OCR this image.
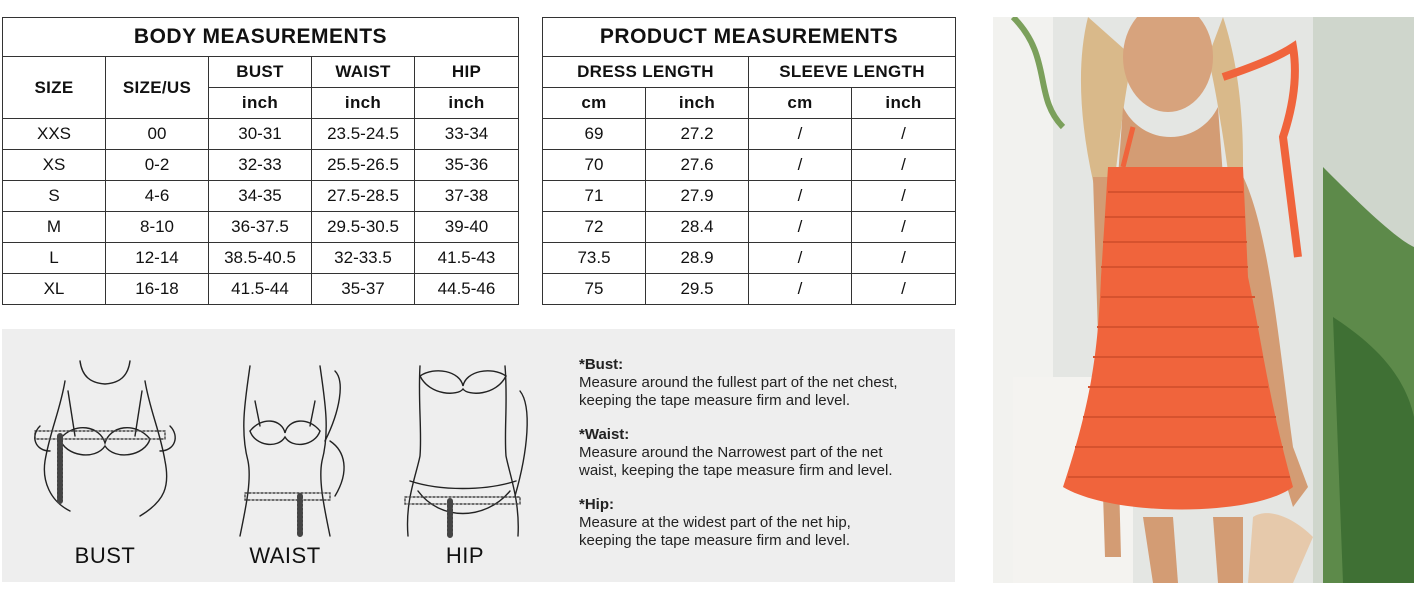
BODY MEASUREMENTS				
SIZE	SIZE/US	BUST	WAIST	HIP
		inch	inch	inch
XXS	00	30-31	23.5-24.5	33-34
XS	0-2	32-33	25.5-26.5	35-36
S	4-6	34-35	27.5-28.5	37-38
M	8-10	36-37.5	29.5-30.5	39-40
L	12-14	38.5-40.5	32-33.5	41.5-43
XL	16-18	41.5-44	35-37	44.5-46
PRODUCT MEASUREMENTS			
DRESS LENGTH		SLEEVE LENGTH	
cm	inch	cm	inch
69	27.2	/	/
70	27.6	/	/
71	27.9	/	/
72	28.4	/	/
73.5	28.9	/	/
75	29.5	/	/
BUST	WAIST	HIP
*Bust:
Measure around the fullest part of the net chest,
keeping the tape measure firm and level.
*Waist:
Measure around the Narrowest part of the net
waist, keeping the tape measure firm and level.
*Hip:
Measure at the widest part of the net hip,
keeping the tape measure firm and level.
